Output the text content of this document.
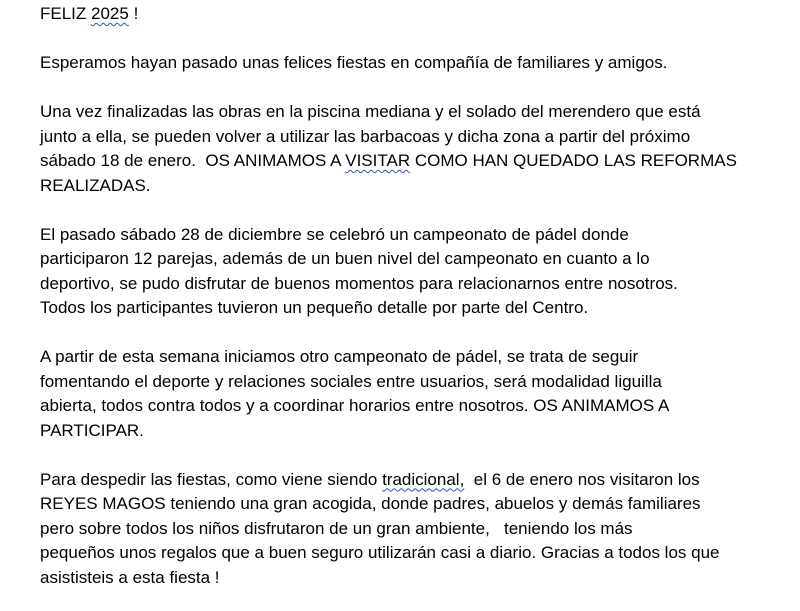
FELIZ 2025 !
Esperamos hayan pasado unas felices fiestas en compañía de familiares y amigos.
Una vez finalizadas las obras en la piscina mediana y el solado del merendero que está
junto a ella, se pueden volver a utilizar las barbacoas y dicha zona a partir del próximo
sábado 18 de enero.  OS ANIMAMOS A VISITAR COMO HAN QUEDADO LAS REFORMAS
REALIZADAS.
El pasado sábado 28 de diciembre se celebró un campeonato de pádel donde
participaron 12 parejas, además de un buen nivel del campeonato en cuanto a lo
deportivo, se pudo disfrutar de buenos momentos para relacionarnos entre nosotros.
Todos los participantes tuvieron un pequeño detalle por parte del Centro.
A partir de esta semana iniciamos otro campeonato de pádel, se trata de seguir
fomentando el deporte y relaciones sociales entre usuarios, será modalidad liguilla
abierta, todos contra todos y a coordinar horarios entre nosotros. OS ANIMAMOS A
PARTICIPAR.
Para despedir las fiestas, como viene siendo tradicional,  el 6 de enero nos visitaron los
REYES MAGOS teniendo una gran acogida, donde padres, abuelos y demás familiares
pero sobre todos los niños disfrutaron de un gran ambiente,   teniendo los más
pequeños unos regalos que a buen seguro utilizarán casi a diario. Gracias a todos los que
asististeis a esta fiesta !
